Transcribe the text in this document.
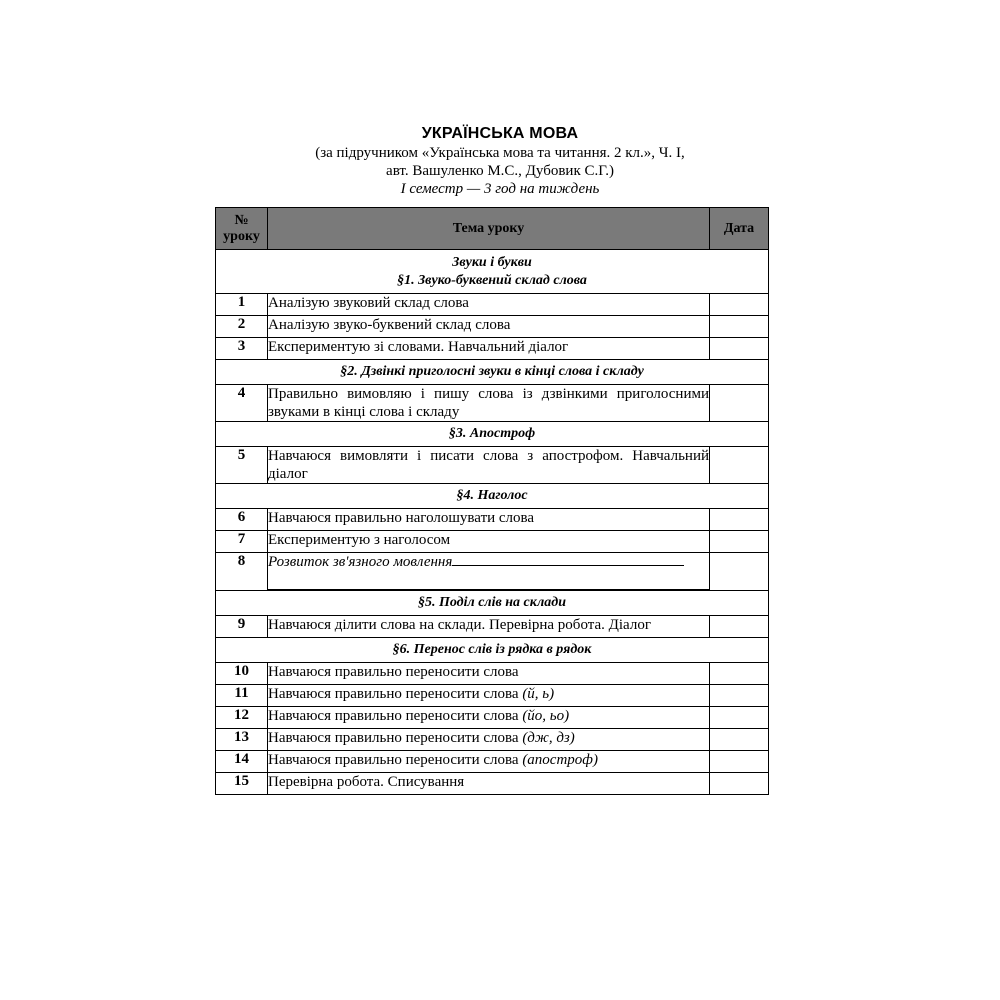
УКРАЇНСЬКА МОВА
(за підручником «Українська мова та читання. 2 кл.», Ч. І,
авт. Вашуленко М.С., Дубовик С.Г.)
І семестр — 3 год на тиждень
№ уроку	Тема уроку	Дата

Звуки і букви
§1. Звуко-буквений склад слова		

1	Аналізую звуковий склад слова	
2	Аналізую звуко-буквений склад слова	
3	Експериментую зі словами. Навчальний діалог	

§2. Дзвінкі приголосні звуки в кінці слова і складу		

4	Правильно вимовляю і пишу слова із дзвінкими приголосними звуками в кінці слова і складу	

§3. Апостроф		

5	Навчаюся вимовляти і писати слова з апострофом. Навчальний діалог	

§4. Наголос		

6	Навчаюся правильно наголошувати слова	
7	Експериментую з наголосом	
8	Розвиток зв'язного мовлення

§5. Поділ слів на склади		

9	Навчаюся ділити слова на склади. Перевірна робота. Діалог	

§6. Перенос слів із рядка в рядок		

10	Навчаюся правильно переносити слова	
11	Навчаюся правильно переносити слова (й, ь)	
12	Навчаюся правильно переносити слова (йо, ьо)	
13	Навчаюся правильно переносити слова (дж, дз)	
14	Навчаюся правильно переносити слова (апостроф)	
15	Перевірна робота. Списування	
